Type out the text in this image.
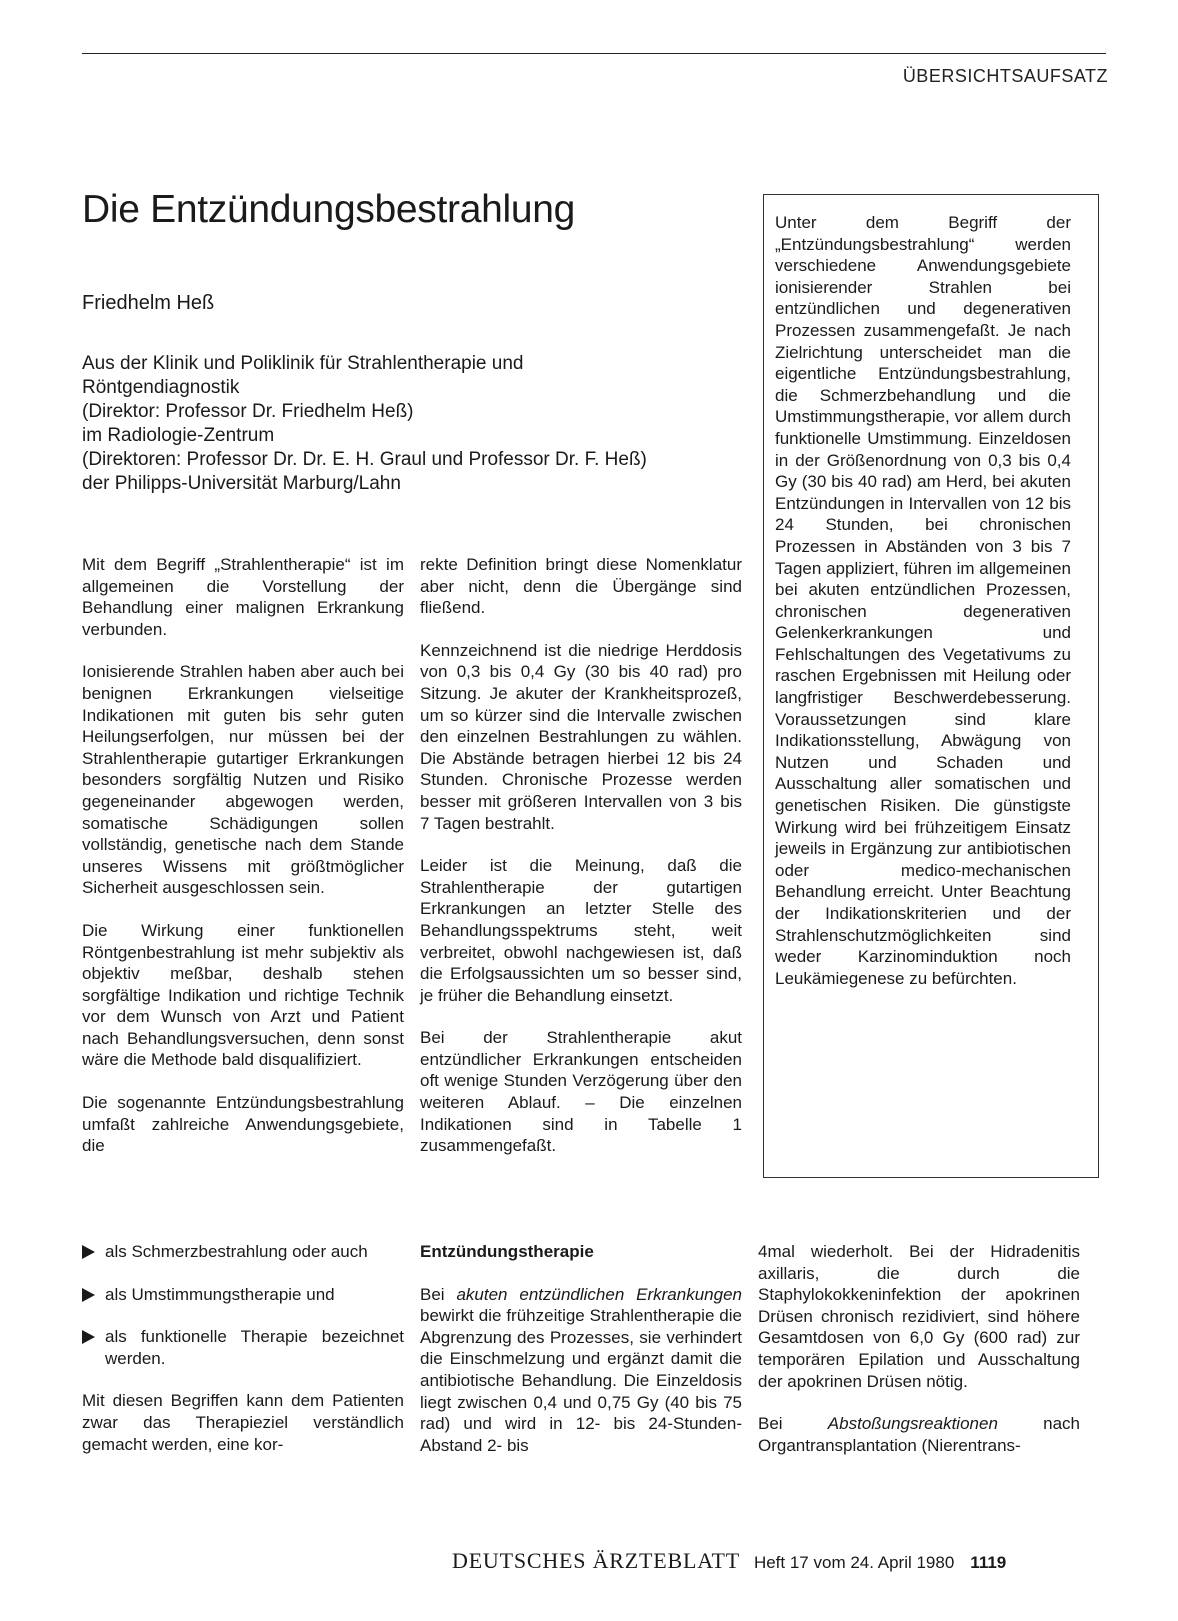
ÜBERSICHTSAUFSATZ
Die Entzündungsbestrahlung
Friedhelm Heß
Aus der Klinik und Poliklinik für Strahlentherapie und
Röntgendiagnostik
(Direktor: Professor Dr. Friedhelm Heß)
im Radiologie-Zentrum
(Direktoren: Professor Dr. Dr. E. H. Graul und Professor Dr. F. Heß)
der Philipps-Universität Marburg/Lahn
Unter dem Begriff der „Entzündungsbestrahlung“ werden verschiedene Anwendungsgebiete ionisierender Strahlen bei entzündlichen und degenerativen Prozessen zusammengefaßt. Je nach Zielrichtung unterscheidet man die eigentliche Entzündungsbestrahlung, die Schmerzbehandlung und die Umstimmungstherapie, vor allem durch funktionelle Umstimmung. Einzeldosen in der Größenordnung von 0,3 bis 0,4 Gy (30 bis 40 rad) am Herd, bei akuten Entzündungen in Intervallen von 12 bis 24 Stunden, bei chronischen Prozessen in Abständen von 3 bis 7 Tagen appliziert, führen im allgemeinen bei akuten entzündlichen Prozessen, chronischen degenerativen Gelenkerkrankungen und Fehlschaltungen des Vegetativums zu raschen Ergebnissen mit Heilung oder langfristiger Beschwerdebesserung. Voraussetzungen sind klare Indikationsstellung, Abwägung von Nutzen und Schaden und Ausschaltung aller somatischen und genetischen Risiken. Die günstigste Wirkung wird bei frühzeitigem Einsatz jeweils in Ergänzung zur antibiotischen oder medico-mechanischen Behandlung erreicht. Unter Beachtung der Indikationskriterien und der Strahlenschutzmöglichkeiten sind weder Karzinominduktion noch Leukämiegenese zu befürchten.

Mit dem Begriff „Strahlentherapie“ ist im allgemeinen die Vorstellung der Behandlung einer malignen Erkrankung verbunden.

Ionisierende Strahlen haben aber auch bei benignen Erkrankungen vielseitige Indikationen mit guten bis sehr guten Heilungserfolgen, nur müssen bei der Strahlentherapie gutartiger Erkrankungen besonders sorgfältig Nutzen und Risiko gegeneinander abgewogen werden, somatische Schädigungen sollen vollständig, genetische nach dem Stande unseres Wissens mit größtmöglicher Sicherheit ausgeschlossen sein.

Die Wirkung einer funktionellen Röntgenbestrahlung ist mehr subjektiv als objektiv meßbar, deshalb stehen sorgfältige Indikation und richtige Technik vor dem Wunsch von Arzt und Patient nach Behandlungsversuchen, denn sonst wäre die Methode bald disqualifiziert.

Die sogenannte Entzündungsbestrahlung umfaßt zahlreiche Anwendungsgebiete, die

rekte Definition bringt diese Nomenklatur aber nicht, denn die Übergänge sind fließend.

Kennzeichnend ist die niedrige Herddosis von 0,3 bis 0,4 Gy (30 bis 40 rad) pro Sitzung. Je akuter der Krankheitsprozeß, um so kürzer sind die Intervalle zwischen den einzelnen Bestrahlungen zu wählen. Die Abstände betragen hierbei 12 bis 24 Stunden. Chronische Prozesse werden besser mit größeren Intervallen von 3 bis 7 Tagen bestrahlt.

Leider ist die Meinung, daß die Strahlentherapie der gutartigen Erkrankungen an letzter Stelle des Behandlungsspektrums steht, weit verbreitet, obwohl nachgewiesen ist, daß die Erfolgsaussichten um so besser sind, je früher die Behandlung einsetzt.

Bei der Strahlentherapie akut entzündlicher Erkrankungen entscheiden oft wenige Stunden Verzögerung über den weiteren Ablauf. – Die einzelnen Indikationen sind in Tabelle 1 zusammengefaßt.

als Schmerzbestrahlung oder auch

als Umstimmungstherapie und

als funktionelle Therapie bezeichnet werden.

Mit diesen Begriffen kann dem Patienten zwar das Therapieziel verständlich gemacht werden, eine kor-

Entzündungstherapie

Bei akuten entzündlichen Erkrankungen bewirkt die frühzeitige Strahlentherapie die Abgrenzung des Prozesses, sie verhindert die Einschmelzung und ergänzt damit die antibiotische Behandlung. Die Einzeldosis liegt zwischen 0,4 und 0,75 Gy (40 bis 75 rad) und wird in 12- bis 24-Stunden-Abstand 2- bis

4mal wiederholt. Bei der Hidradenitis axillaris, die durch die Staphylokokkeninfektion der apokrinen Drüsen chronisch rezidiviert, sind höhere Gesamtdosen von 6,0 Gy (600 rad) zur temporären Epilation und Ausschaltung der apokrinen Drüsen nötig.

Bei	Abstoßungsreaktionen	nach Organtransplantation (Nierentrans-

DEUTSCHES ÄRZTEBLATT Heft 17 vom 24. April 1980 1119
